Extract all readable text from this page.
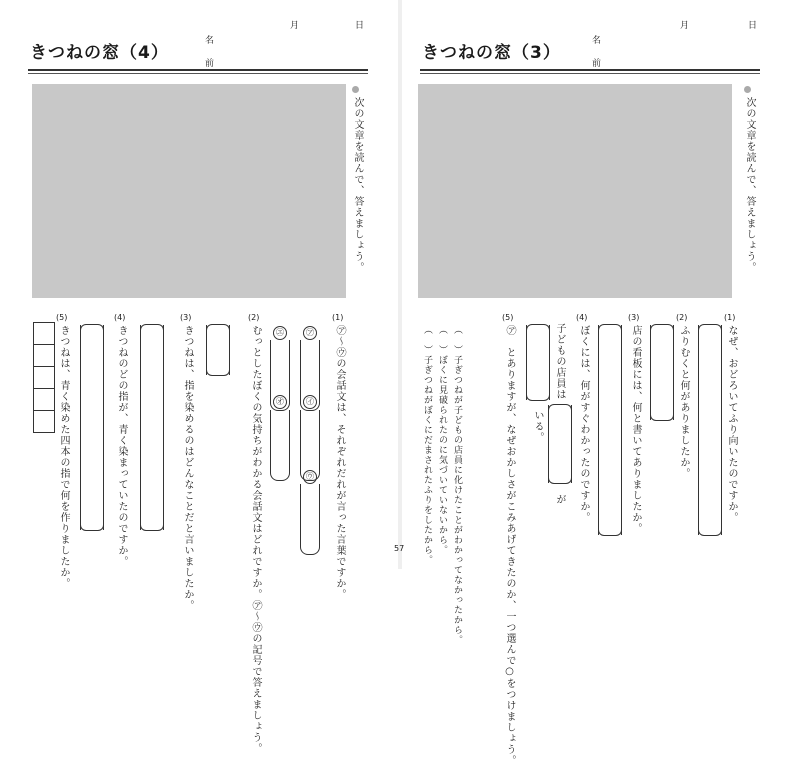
きつねの窓（4）
名
前
月	日
次の文章を読んで、答えましょう。
(1)
㋐〜㋒の会話文は、それぞれだれが言った言葉ですか。
㋐
㋑
㋒
㋓
㋔
(2)
むっとしたぼくの気持ちがわかる会話文はどれですか。㋐〜㋒の記号で答えましょう。
(3)
きつねは、指を染めるのはどんなことだと言いましたか。
(4)
きつねのどの指が、青く染まっていたのですか。
(5)
きつねは、青く染めた四本の指で何を作りましたか。
きつねの窓（3）
名
前
月	日
次の文章を読んで、答えましょう。
(1)
なぜ、おどろいてふり向いたのですか。
(2)
ふりむくと何がありましたか。
(3)
店の看板には、何と書いてありましたか。
(4)
ぼくには、何がすぐわかったのですか。
子どもの店員は
いる。
が
(5)
㋐　とありますが、なぜおかしさがこみあげてきたのか、一つ選んで○をつけましょう。
（　）子ぎつねが子どもの店員に化けたことがわかってなかったから。
（　）ぼくに見破られたのに気づいていないから。
（　）子ぎつねがぼくにだまされたふりをしたから。
57
